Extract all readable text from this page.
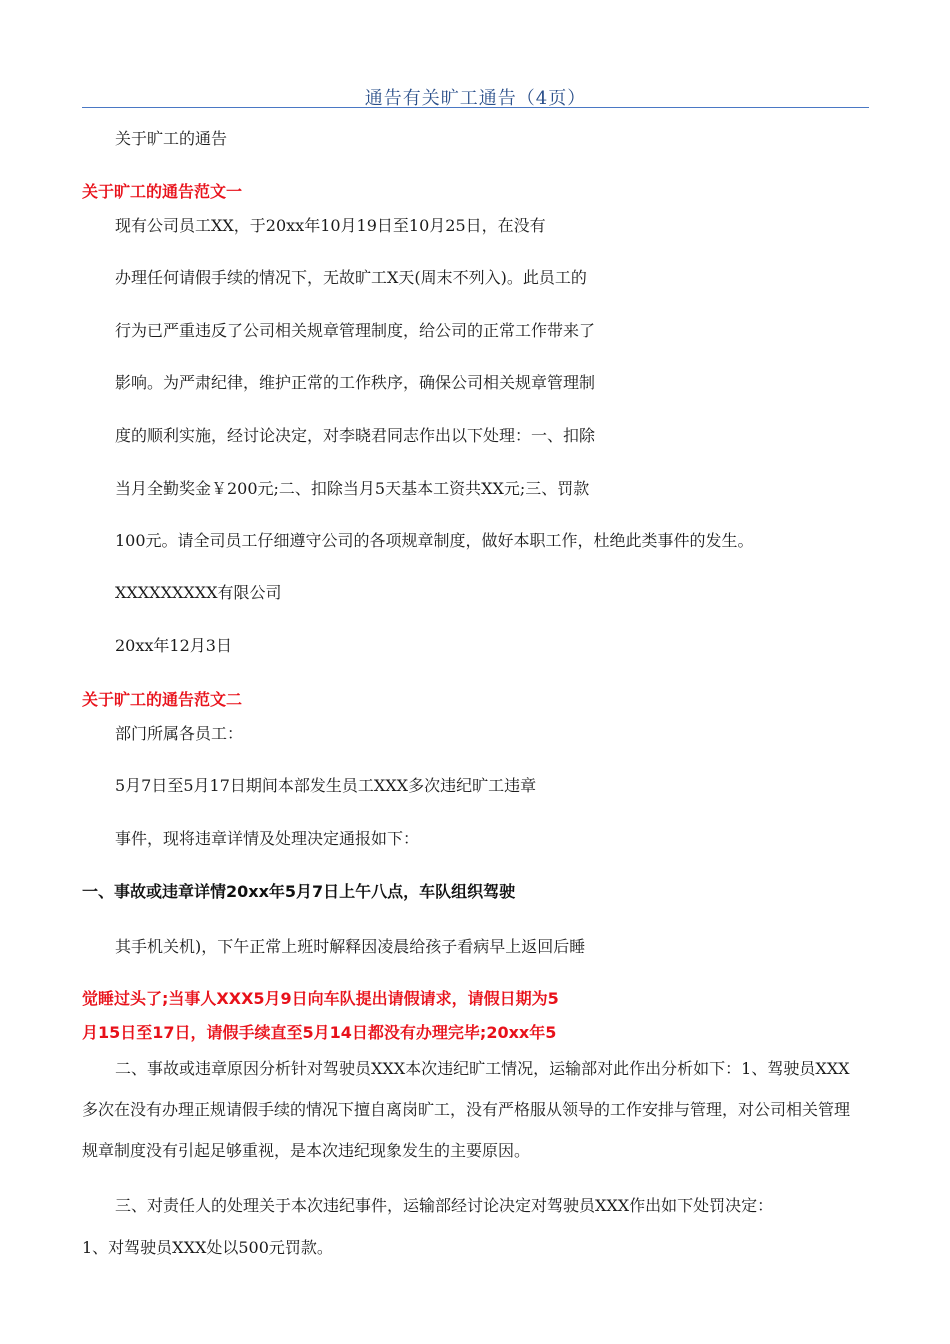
通告有关旷工通告（4页）
关于旷工的通告
关于旷工的通告范文一
现有公司员工XX，于20xx年10月19日至10月25日，在没有
办理任何请假手续的情况下，无故旷工X天(周末不列入)。此员工的
行为已严重违反了公司相关规章管理制度，给公司的正常工作带来了
影响。为严肃纪律，维护正常的工作秩序，确保公司相关规章管理制
度的顺利实施，经讨论决定，对李晓君同志作出以下处理：一、扣除
当月全勤奖金￥200元;二、扣除当月5天基本工资共XX元;三、罚款
100元。请全司员工仔细遵守公司的各项规章制度，做好本职工作，杜绝此类事件的发生。
XXXXXXXXX有限公司
20xx年12月3日
关于旷工的通告范文二
部门所属各员工：
5月7日至5月17日期间本部发生员工XXX多次违纪旷工违章
事件，现将违章详情及处理决定通报如下：
一、事故或违章详情20xx年5月7日上午八点，车队组织驾驶
其手机关机)，下午正常上班时解释因凌晨给孩子看病早上返回后睡
觉睡过头了;当事人XXX5月9日向车队提出请假请求，请假日期为5
月15日至17日，请假手续直至5月14日都没有办理完毕;20xx年5
二、事故或违章原因分析针对驾驶员XXX本次违纪旷工情况，运输部对此作出分析如下：1、驾驶员XXX多次在没有办理正规请假手续的情况下擅自离岗旷工，没有严格服从领导的工作安排与管理，对公司相关管理规章制度没有引起足够重视，是本次违纪现象发生的主要原因。
三、对责任人的处理关于本次违纪事件，运输部经讨论决定对驾驶员XXX作出如下处罚决定：
1、对驾驶员XXX处以500元罚款。
